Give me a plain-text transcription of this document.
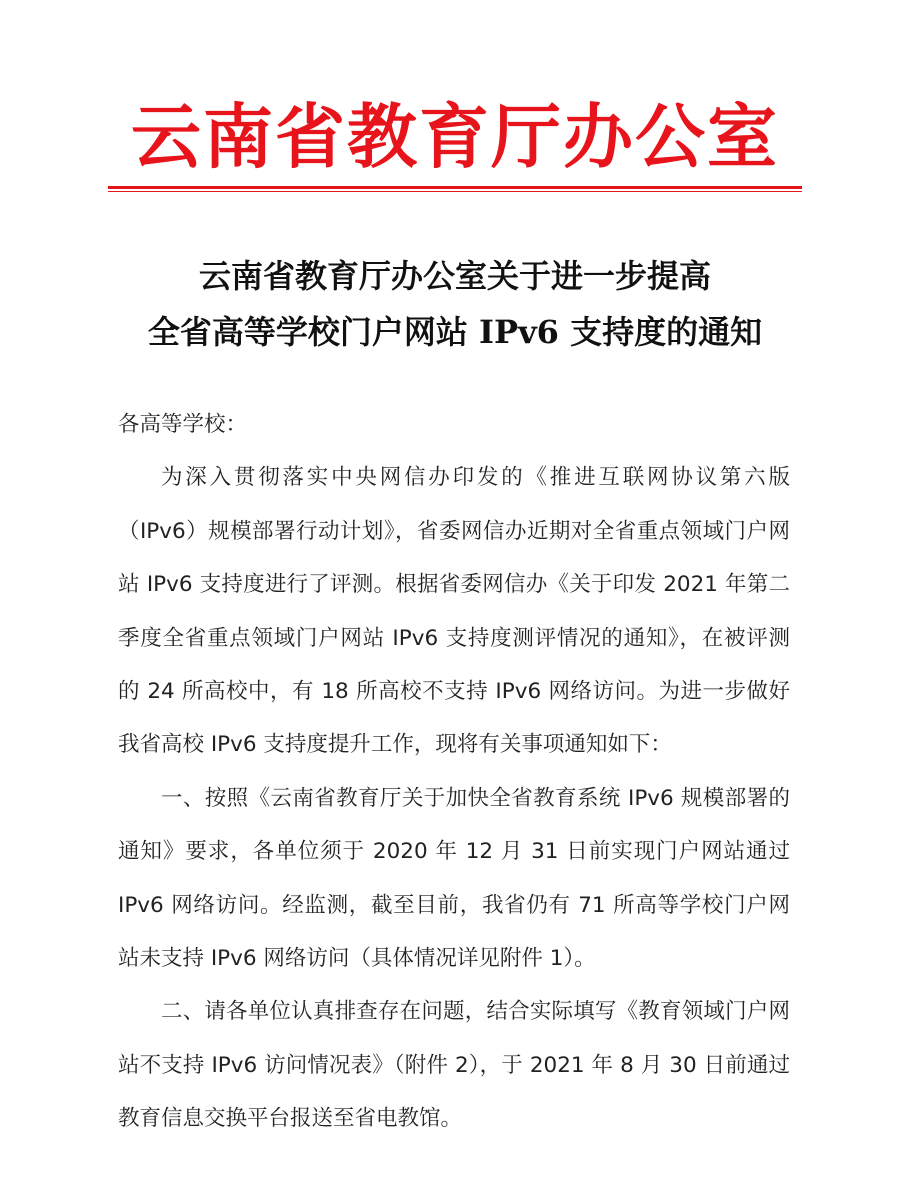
云南省教育厅办公室
云南省教育厅办公室关于进一步提高
全省高等学校门户网站 IPv6 支持度的通知

各高等学校：

为深入贯彻落实中央网信办印发的《推进互联网协议第六版（IPv6）规模部署行动计划》，省委网信办近期对全省重点领域门户网站 IPv6 支持度进行了评测。根据省委网信办《关于印发 2021 年第二季度全省重点领域门户网站 IPv6 支持度测评情况的通知》，在被评测的 24 所高校中，有 18 所高校不支持 IPv6 网络访问。为进一步做好我省高校 IPv6 支持度提升工作，现将有关事项通知如下：

一、按照《云南省教育厅关于加快全省教育系统 IPv6 规模部署的通知》要求，各单位须于 2020 年 12 月 31 日前实现门户网站通过 IPv6 网络访问。经监测，截至目前，我省仍有 71 所高等学校门户网站未支持 IPv6 网络访问（具体情况详见附件 1）。

二、请各单位认真排查存在问题，结合实际填写《教育领域门户网站不支持 IPv6 访问情况表》（附件 2），于 2021 年 8 月 30 日前通过教育信息交换平台报送至省电教馆。
